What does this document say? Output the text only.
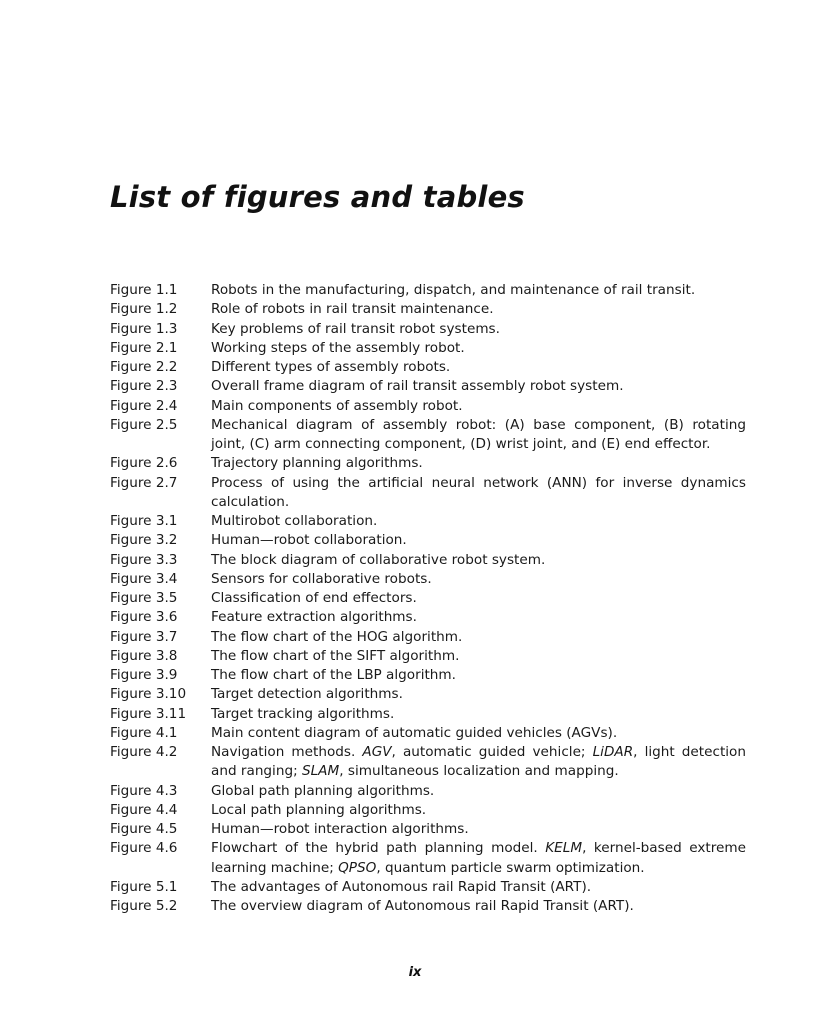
List of figures and tables
Figure 1.1	Robots in the manufacturing, dispatch, and maintenance of rail transit.
Figure 1.2	Role of robots in rail transit maintenance.
Figure 1.3	Key problems of rail transit robot systems.
Figure 2.1	Working steps of the assembly robot.
Figure 2.2	Different types of assembly robots.
Figure 2.3	Overall frame diagram of rail transit assembly robot system.
Figure 2.4	Main components of assembly robot.
Figure 2.5	Mechanical diagram of assembly robot: (A) base component, (B) rotating joint, (C) arm connecting component, (D) wrist joint, and (E) end effector.
Figure 2.6	Trajectory planning algorithms.
Figure 2.7	Process of using the artificial neural network (ANN) for inverse dynamics calculation.
Figure 3.1	Multirobot collaboration.
Figure 3.2	Human—robot collaboration.
Figure 3.3	The block diagram of collaborative robot system.
Figure 3.4	Sensors for collaborative robots.
Figure 3.5	Classification of end effectors.
Figure 3.6	Feature extraction algorithms.
Figure 3.7	The flow chart of the HOG algorithm.
Figure 3.8	The flow chart of the SIFT algorithm.
Figure 3.9	The flow chart of the LBP algorithm.
Figure 3.10	Target detection algorithms.
Figure 3.11	Target tracking algorithms.
Figure 4.1	Main content diagram of automatic guided vehicles (AGVs).
Figure 4.2	Navigation methods. AGV, automatic guided vehicle; LiDAR, light detection and ranging; SLAM, simultaneous localization and mapping.
Figure 4.3	Global path planning algorithms.
Figure 4.4	Local path planning algorithms.
Figure 4.5	Human—robot interaction algorithms.
Figure 4.6	Flowchart of the hybrid path planning model. KELM, kernel-based extreme learning machine; QPSO, quantum particle swarm optimization.
Figure 5.1	The advantages of Autonomous rail Rapid Transit (ART).
Figure 5.2	The overview diagram of Autonomous rail Rapid Transit (ART).
ix
